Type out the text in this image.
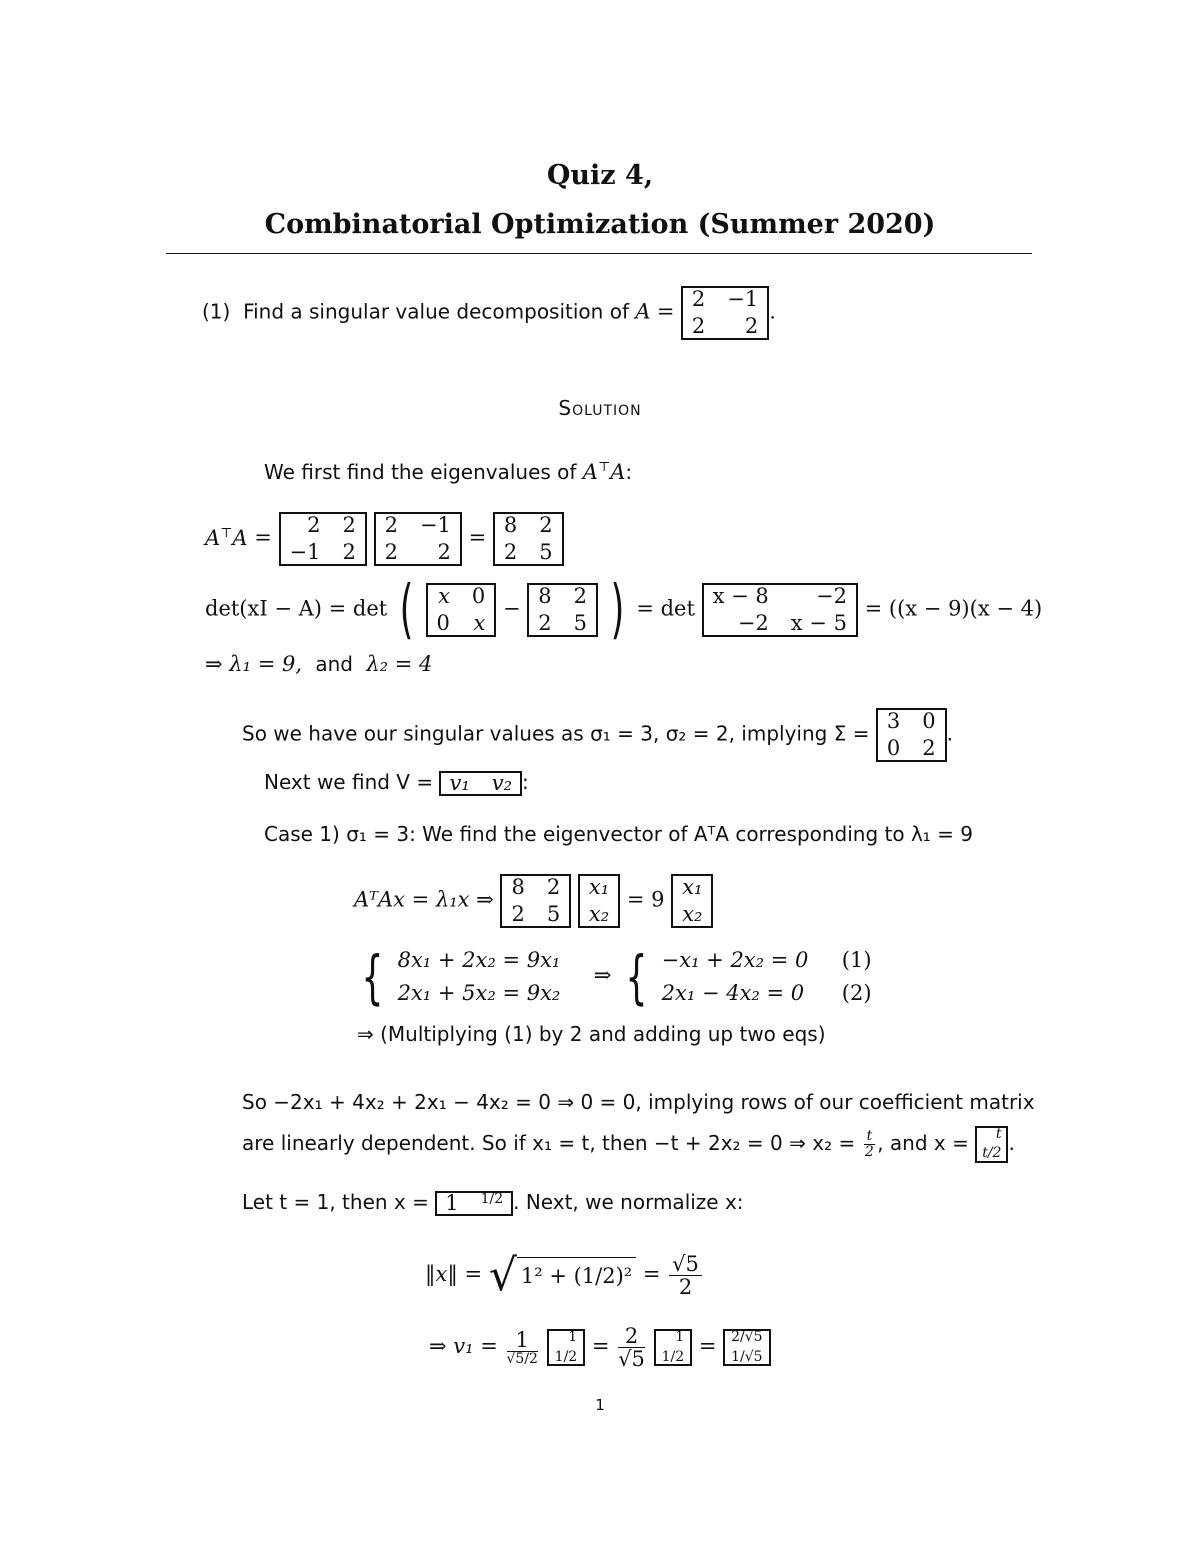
Quiz 4,
Combinatorial Optimization (Summer 2020)
(1) Find a singular value decomposition of A =
2 −1
2	2
.
Solution
We first find the eigenvalues of A⊤A:
A⊤A =
2 2
−1 2

2 −1
2	2
=
8 2
2 5
det(xI − A) = det ( x 0
0 x
−
8 2
2 5 ) = det
x − 8	−2
−2 x − 5
= ((x − 9)(x − 4)
⇒ λ₁ = 9, and λ₂ = 4
So we have our singular values as σ₁ = 3, σ₂ = 2, implying Σ =
3 0
0 2
.
Next we find V = v₁ v₂ :
Case 1) σ₁ = 3: We find the eigenvector of AᵀA corresponding to λ₁ = 9
AᵀAx = λ₁x ⇒
8 2
2 5

x₁
x₂
= 9
x₁
x₂
{ 8x₁ + 2x₂ = 9x₁
2x₁ + 5x₂ = 9x₂
⇒ { −x₁ + 2x₂ = 0
2x₁ − 4x₂ = 0

(1)
(2)
⇒ (Multiplying (1) by 2 and adding up two eqs)
So −2x₁ + 4x₂ + 2x₁ − 4x₂ = 0 ⇒ 0 = 0, implying rows of our coefficient matrix
are linearly dependent. So if x₁ = t, then −t + 2x₂ = 0 ⇒ $x_2 = \frac{t}{2}$ , and x =	t
t/2 .
Let t = 1, then x = 1 1/2 . Next, we normalize x:
‖x‖ = √ $1^2 + (1/2)^2 = \frac{√5}{2}$
⇒ $v_1 = \frac{1}{√5/2}$
	1
$1/2 = \frac{2}{√5}$
	1
1/2 = 2/√5
1/√5
1
